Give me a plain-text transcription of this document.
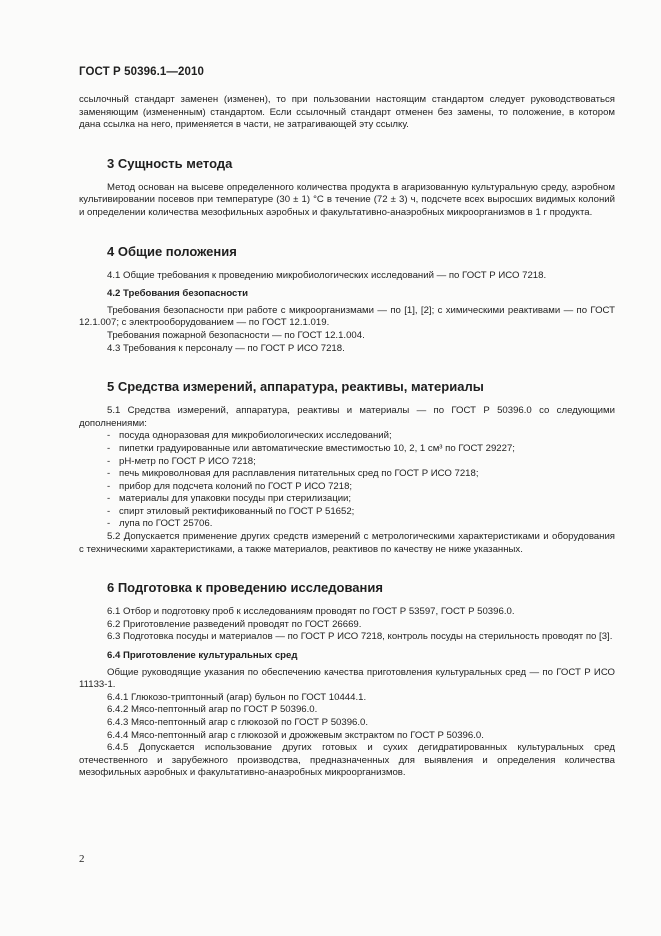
ГОСТ Р 50396.1—2010

ссылочный стандарт заменен (изменен), то при пользовании настоящим стандартом следует руководствоваться заменяющим (измененным) стандартом. Если ссылочный стандарт отменен без замены, то положение, в котором дана ссылка на него, применяется в части, не затрагивающей эту ссылку.

3 Сущность метода

Метод основан на высеве определенного количества продукта в агаризованную культуральную среду, аэробном культивировании посевов при температуре (30 ± 1) °С в течение (72 ± 3) ч, подсчете всех выросших видимых колоний и определении количества мезофильных аэробных и факультативно-анаэробных микроорганизмов в 1 г продукта.

4 Общие положения

4.1 Общие требования к проведению микробиологических исследований — по ГОСТ Р ИСО 7218.

4.2 Требования безопасности

Требования безопасности при работе с микроорганизмами — по [1], [2]; с химическими реактивами — по ГОСТ 12.1.007; с электрооборудованием — по ГОСТ 12.1.019.

Требования пожарной безопасности — по ГОСТ 12.1.004.

4.3 Требования к персоналу — по ГОСТ Р ИСО 7218.

5 Средства измерений, аппаратура, реактивы, материалы

5.1 Средства измерений, аппаратура, реактивы и материалы — по ГОСТ Р 50396.0 со следующими дополнениями:

- посуда одноразовая для микробиологических исследований;
- пипетки градуированные или автоматические вместимостью 10, 2, 1 см³ по ГОСТ 29227;
- рН-метр по ГОСТ Р ИСО 7218;
- печь микроволновая для расплавления питательных сред по ГОСТ Р ИСО 7218;
- прибор для подсчета колоний по ГОСТ Р ИСО 7218;
- материалы для упаковки посуды при стерилизации;
- спирт этиловый ректификованный по ГОСТ Р 51652;
- лупа по ГОСТ 25706.

5.2 Допускается применение других средств измерений с метрологическими характеристиками и оборудования с техническими характеристиками, а также материалов, реактивов по качеству не ниже указанных.

6 Подготовка к проведению исследования

6.1 Отбор и подготовку проб к исследованиям проводят по ГОСТ Р 53597, ГОСТ Р 50396.0.

6.2 Приготовление разведений проводят по ГОСТ 26669.

6.3 Подготовка посуды и материалов — по ГОСТ Р ИСО 7218, контроль посуды на стерильность проводят по [3].

6.4 Приготовление культуральных сред

Общие руководящие указания по обеспечению качества приготовления культуральных сред — по ГОСТ Р ИСО 11133-1.

6.4.1 Глюкозо-триптонный (агар) бульон по ГОСТ 10444.1.

6.4.2 Мясо-пептонный агар по ГОСТ Р 50396.0.

6.4.3 Мясо-пептонный агар с глюкозой по ГОСТ Р 50396.0.

6.4.4 Мясо-пептонный агар с глюкозой и дрожжевым экстрактом по ГОСТ Р 50396.0.

6.4.5 Допускается использование других готовых и сухих дегидратированных культуральных сред отечественного и зарубежного производства, предназначенных для выявления и определения количества мезофильных аэробных и факультативно-анаэробных микроорганизмов.

2
